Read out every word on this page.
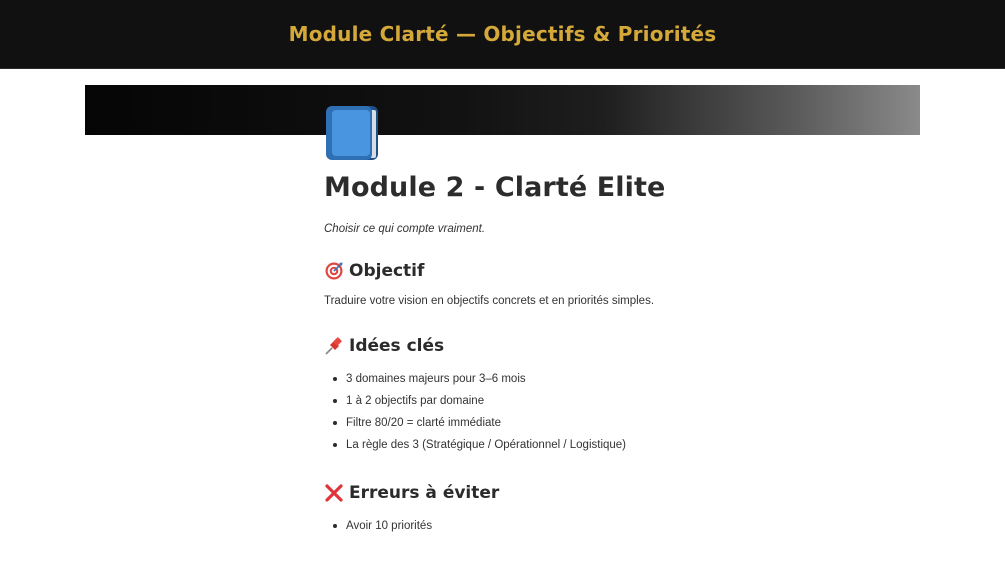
Module Clarté — Objectifs & Priorités
Module 2 - Clarté Elite

Choisir ce qui compte vraiment.

Objectif

Traduire votre vision en objectifs concrets et en priorités simples.

Idées clés
3 domaines majeurs pour 3–6 mois
1 à 2 objectifs par domaine
Filtre 80/20 = clarté immédiate
La règle des 3 (Stratégique / Opérationnel / Logistique)
Erreurs à éviter
Avoir 10 priorités
